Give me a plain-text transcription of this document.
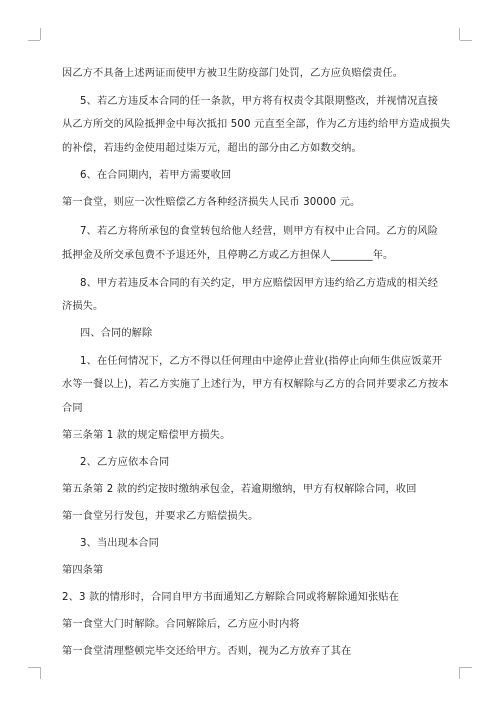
因乙方不具备上述两证而使甲方被卫生防疫部门处罚，乙方应负赔偿责任。
5、若乙方违反本合同的任一条款，甲方将有权责令其限期整改，并视情况直接
从乙方所交的风险抵押金中每次抵扣 500 元直至全部，作为乙方违约给甲方造成损失
的补偿，若违约金使用超过柒万元，超出的部分由乙方如数交纳。
6、在合同期内，若甲方需要收回
第一食堂，则应一次性赔偿乙方各种经济损失人民币 30000 元。
7、若乙方将所承包的食堂转包给他人经营，则甲方有权中止合同。乙方的风险
抵押金及所交承包费不予退还外，且停聘乙方或乙方担保人________年。
8、甲方若违反本合同的有关约定，甲方应赔偿因甲方违约给乙方造成的相关经
济损失。
四、合同的解除
1、在任何情况下，乙方不得以任何理由中途停止营业(指停止向师生供应饭菜开
水等一餐以上)，若乙方实施了上述行为，甲方有权解除与乙方的合同并要求乙方按本
合同
第三条第 1 款的规定赔偿甲方损失。
2、乙方应依本合同
第五条第 2 款的约定按时缴纳承包金，若逾期缴纳，甲方有权解除合同，收回
第一食堂另行发包，并要求乙方赔偿损失。
3、当出现本合同
第四条第
2、3 款的情形时，合同自甲方书面通知乙方解除合同或将解除通知张贴在
第一食堂大门时解除。合同解除后，乙方应小时内将
第一食堂清理整顿完毕交还给甲方。否则，视为乙方放弃了其在
